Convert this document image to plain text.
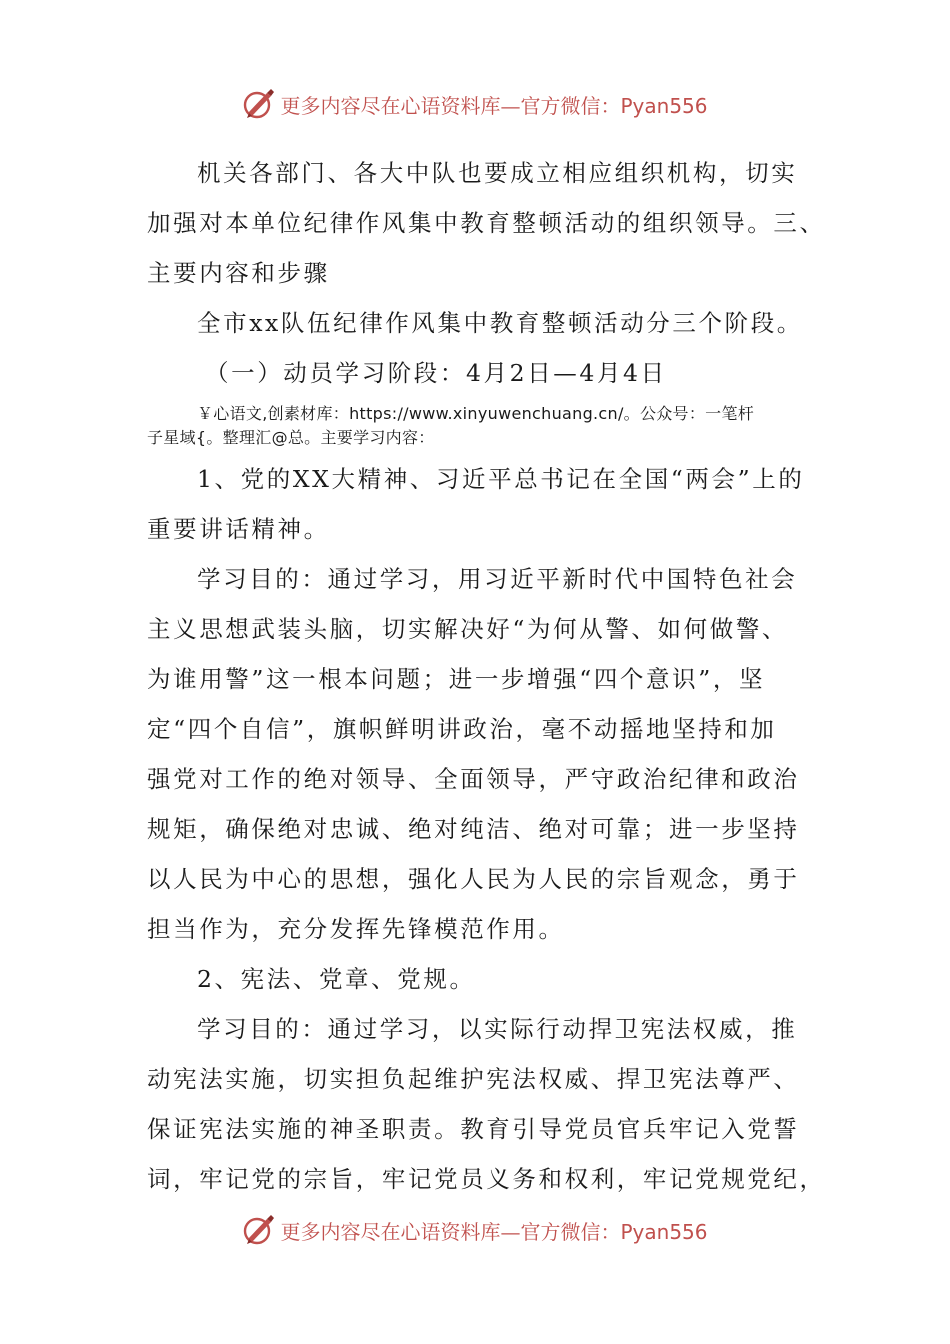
更多内容尽在心语资料库—官方微信：Pyan556

机关各部门、各大中队也要成立相应组织机构，切实

加强对本单位纪律作风集中教育整顿活动的组织领导。三、

主要内容和步骤

全市xx队伍纪律作风集中教育整顿活动分三个阶段。

（一）动员学习阶段：4月2日—4月4日

￥心语文,创素材库：https://www.xinyuwenchuang.cn/。公众号：一笔杆
子星域{。整理汇@总。主要学习内容：

1、党的XX大精神、习近平总书记在全国“两会”上的

重要讲话精神。

学习目的：通过学习，用习近平新时代中国特色社会

主义思想武装头脑，切实解决好“为何从警、如何做警、

为谁用警”这一根本问题；进一步增强“四个意识”，坚

定“四个自信”，旗帜鲜明讲政治，毫不动摇地坚持和加

强党对工作的绝对领导、全面领导，严守政治纪律和政治

规矩，确保绝对忠诚、绝对纯洁、绝对可靠；进一步坚持

以人民为中心的思想，强化人民为人民的宗旨观念，勇于

担当作为，充分发挥先锋模范作用。

2、宪法、党章、党规。

学习目的：通过学习，以实际行动捍卫宪法权威，推

动宪法实施，切实担负起维护宪法权威、捍卫宪法尊严、

保证宪法实施的神圣职责。教育引导党员官兵牢记入党誓

词，牢记党的宗旨，牢记党员义务和权利，牢记党规党纪，

更多内容尽在心语资料库—官方微信：Pyan556
